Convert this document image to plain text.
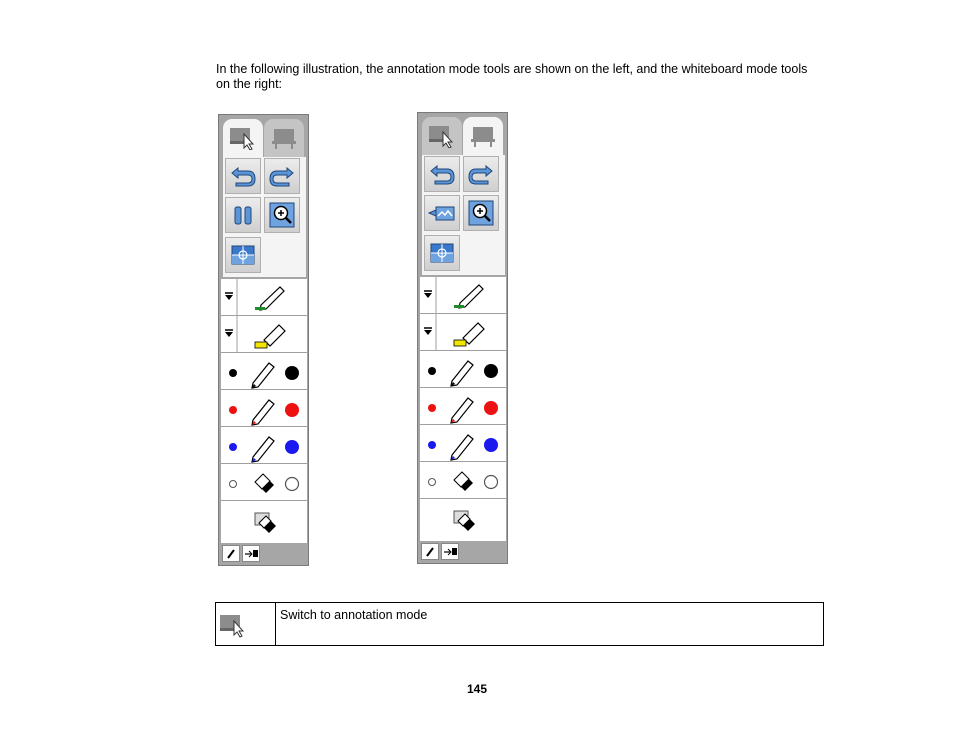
In the following illustration, the annotation mode tools are shown on the left, and the whiteboard mode tools on the right:

Switch to annotation mode
145
